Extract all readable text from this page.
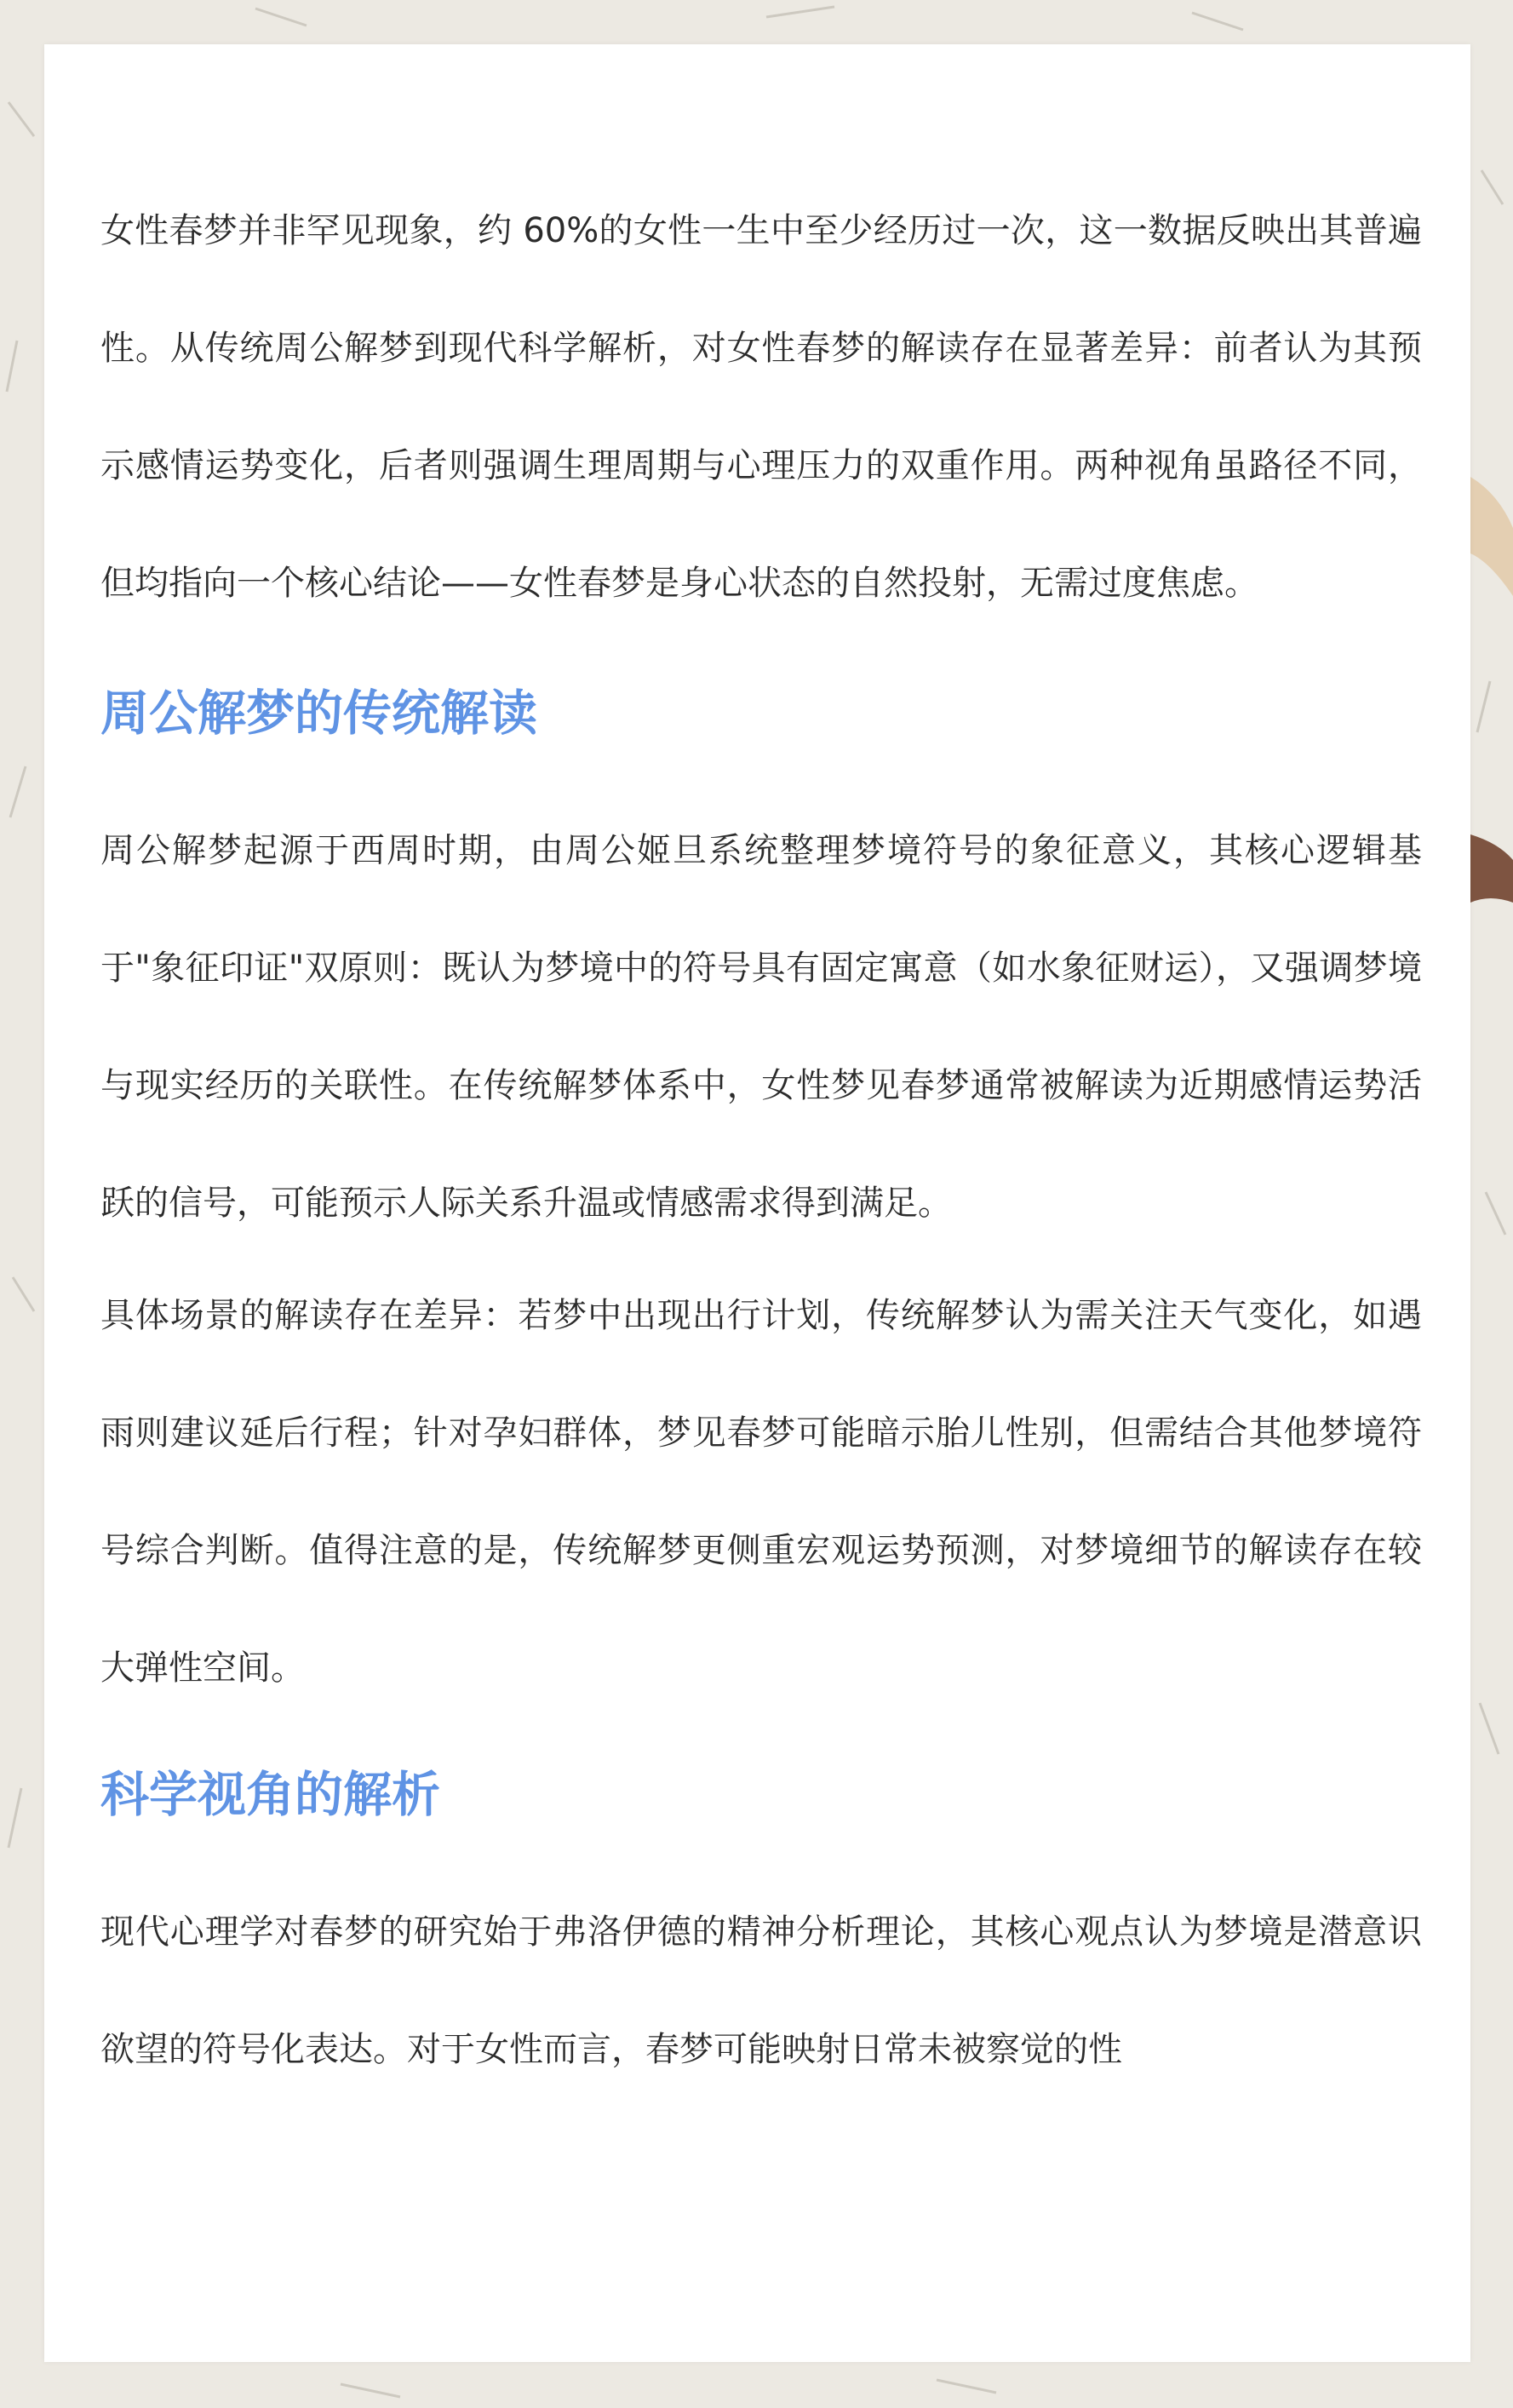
女性春梦并非罕见现象，约 60%的女性一生中至少经历过一次，这一数据反映出其普遍性。从传统周公解梦到现代科学解析，对女性春梦的解读存在显著差异：前者认为其预示感情运势变化，后者则强调生理周期与心理压力的双重作用。两种视角虽路径不同，但均指向一个核心结论——女性春梦是身心状态的自然投射，无需过度焦虑。

周公解梦的传统解读

周公解梦起源于西周时期，由周公姬旦系统整理梦境符号的象征意义，其核心逻辑基于"象征印证"双原则：既认为梦境中的符号具有固定寓意（如水象征财运），又强调梦境与现实经历的关联性。在传统解梦体系中，女性梦见春梦通常被解读为近期感情运势活跃的信号，可能预示人际关系升温或情感需求得到满足。

具体场景的解读存在差异：若梦中出现出行计划，传统解梦认为需关注天气变化，如遇雨则建议延后行程；针对孕妇群体，梦见春梦可能暗示胎儿性别，但需结合其他梦境符号综合判断。值得注意的是，传统解梦更侧重宏观运势预测，对梦境细节的解读存在较大弹性空间。

科学视角的解析

现代心理学对春梦的研究始于弗洛伊德的精神分析理论，其核心观点认为梦境是潜意识欲望的符号化表达。对于女性而言，春梦可能映射日常未被察觉的性
